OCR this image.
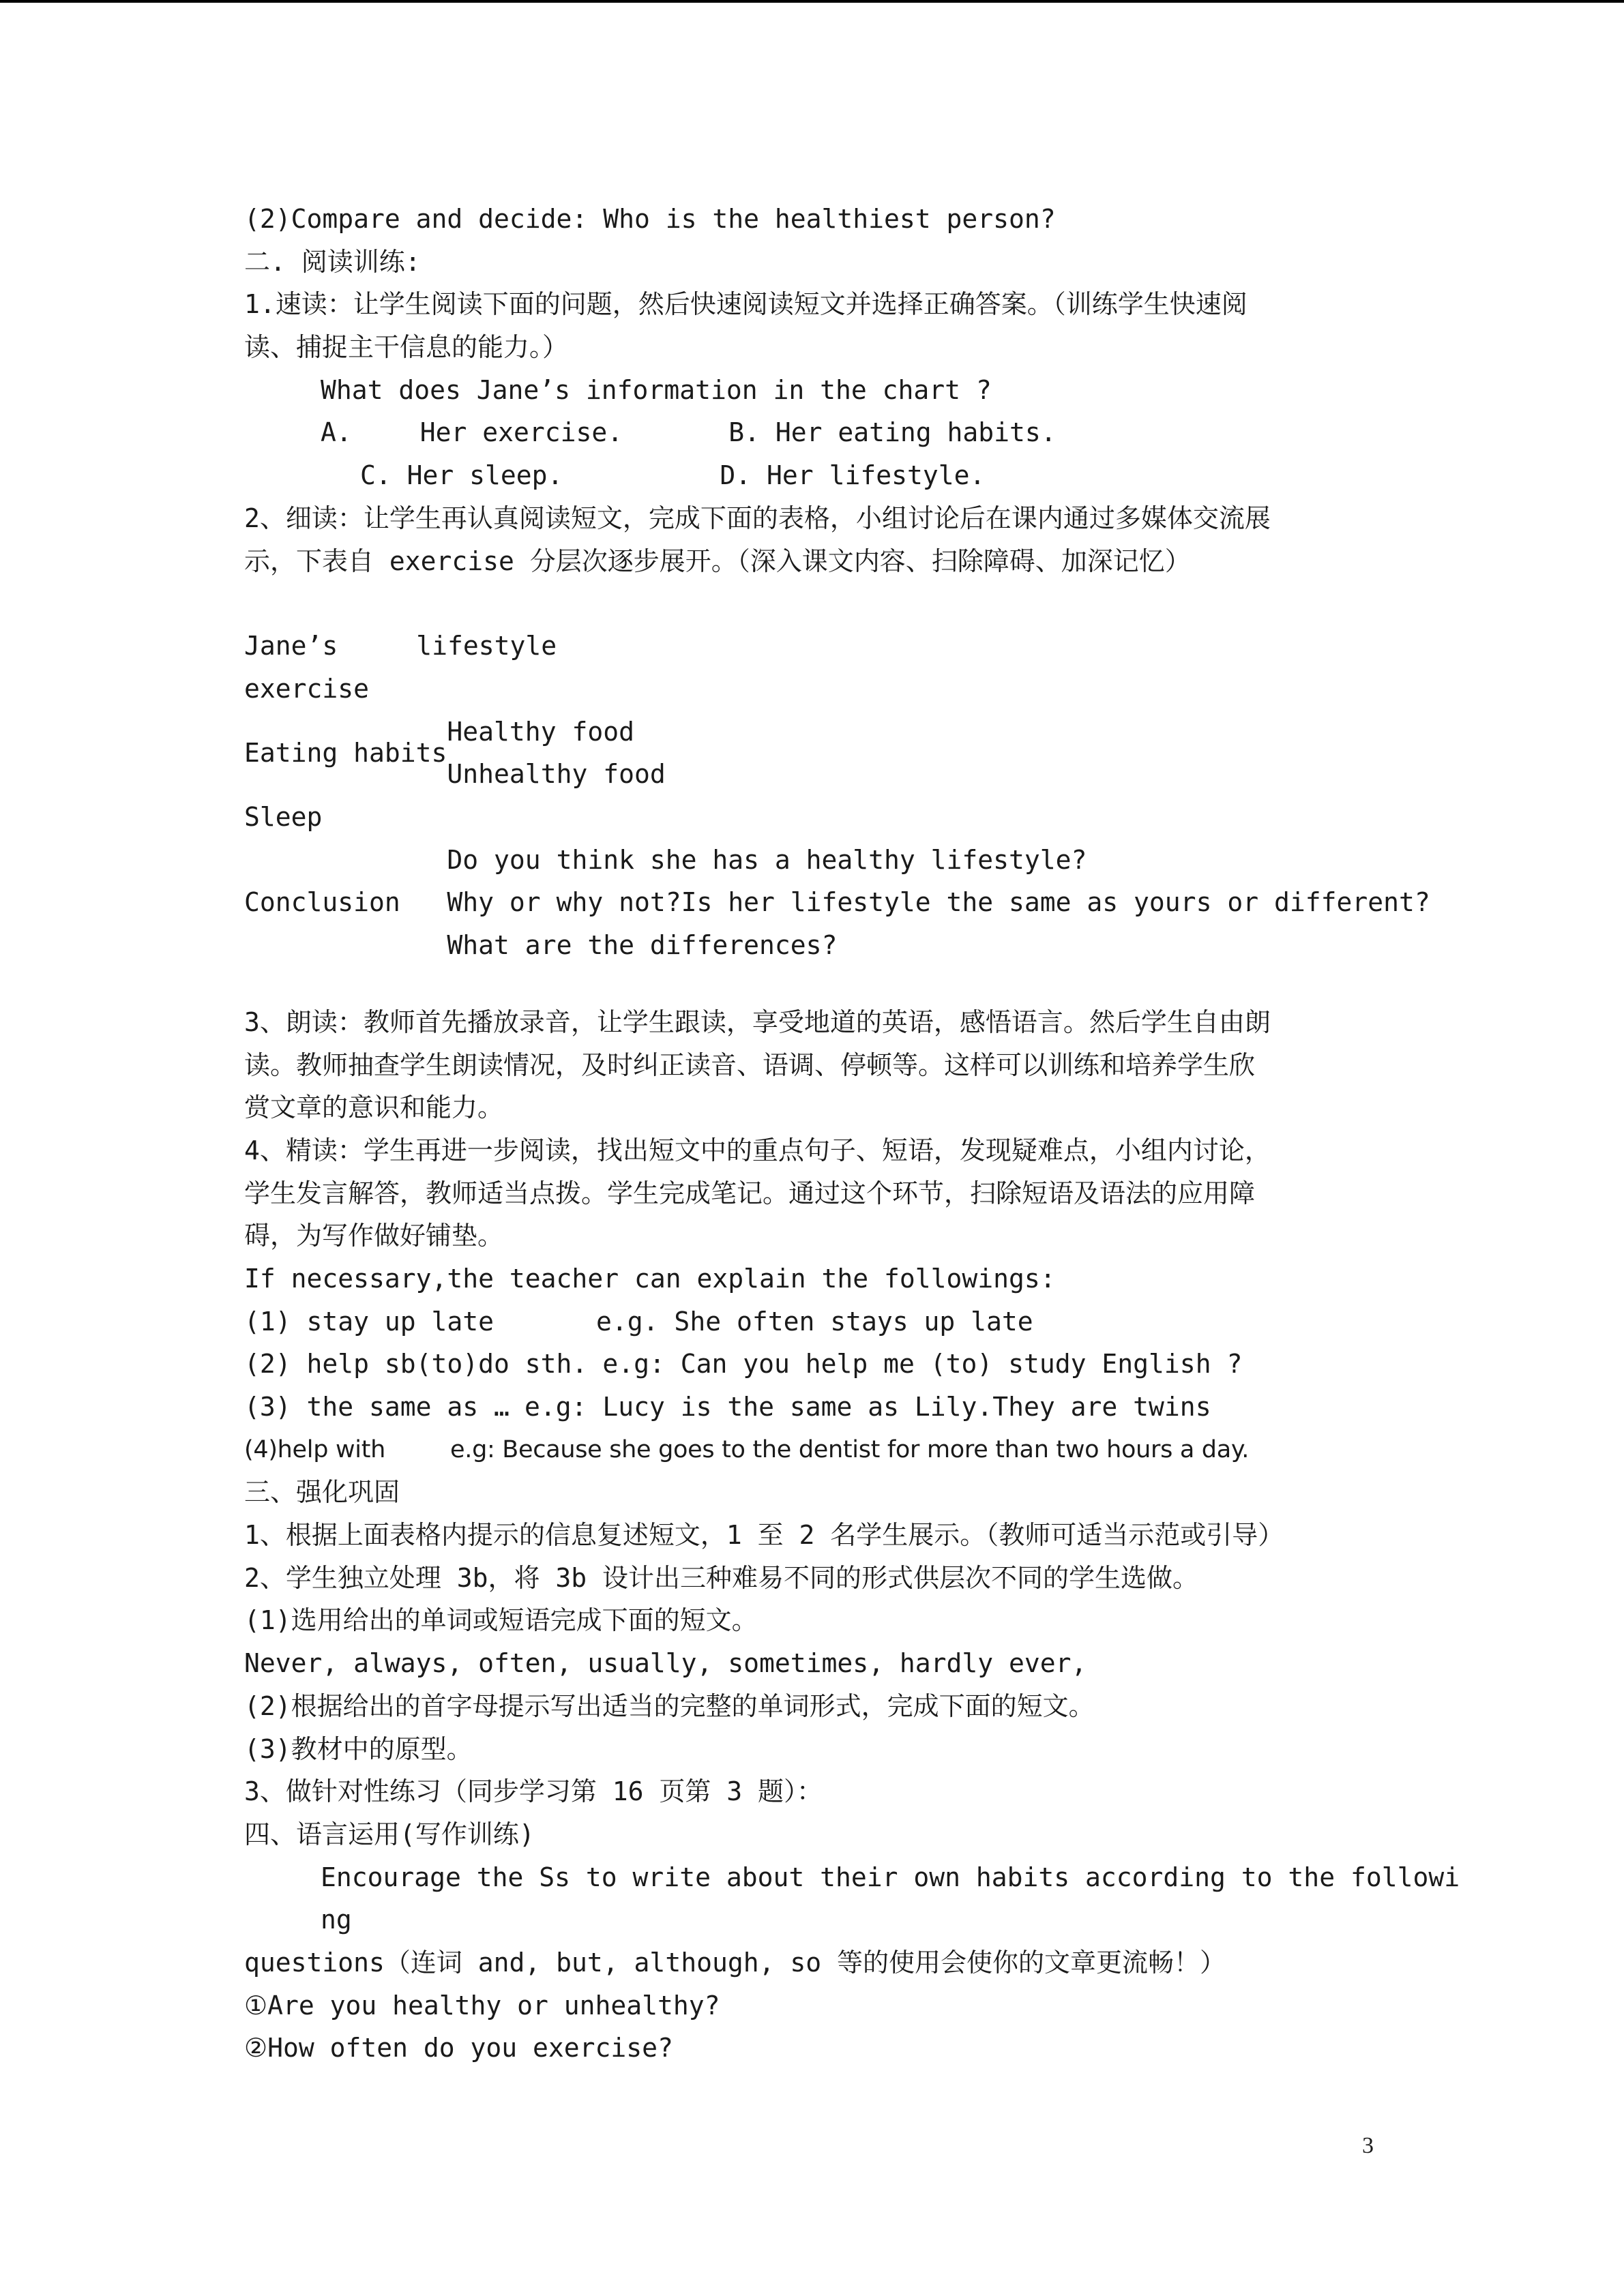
(2)Compare and decide: Who is the healthiest person?
二. 阅读训练:
1.速读：让学生阅读下面的问题，然后快速阅读短文并选择正确答案。（训练学生快速阅
读、捕捉主干信息的能力。）
What does Jane’s information in the chart ?
A.	Her exercise.	B. Her eating habits.
C. Her sleep.	D. Her lifestyle.
2、细读：让学生再认真阅读短文，完成下面的表格，小组讨论后在课内通过多媒体交流展
示，下表自 exercise 分层次逐步展开。（深入课文内容、扫除障碍、加深记忆）
Jane’s lifestyle	
exercise	
Eating habits	Healthy food
Unhealthy food

Sleep	
Conclusion	Do you think she has a healthy lifestyle?
Why or why not?Is her lifestyle the same as yours or different?
What are the differences?
3、朗读：教师首先播放录音，让学生跟读，享受地道的英语，感悟语言。然后学生自由朗
读。教师抽查学生朗读情况，及时纠正读音、语调、停顿等。这样可以训练和培养学生欣
赏文章的意识和能力。
4、精读：学生再进一步阅读，找出短文中的重点句子、短语，发现疑难点，小组内讨论，
学生发言解答，教师适当点拨。学生完成笔记。通过这个环节，扫除短语及语法的应用障
碍，为写作做好铺垫。
If necessary,the teacher can explain the followings:
(1) stay up late	e.g. She often stays up late
(2) help sb(to)do sth. e.g: Can you help me (to) study English ?
(3) the same as … e.g: Lucy is the same as Lily.They are twins
(4)help with	e.g: Because she goes to the dentist for more than two hours a day.
三、强化巩固
1、根据上面表格内提示的信息复述短文，1 至 2 名学生展示。（教师可适当示范或引导）
2、学生独立处理 3b，将 3b 设计出三种难易不同的形式供层次不同的学生选做。
(1)选用给出的单词或短语完成下面的短文。
Never, always, often, usually, sometimes, hardly ever,
(2)根据给出的首字母提示写出适当的完整的单词形式，完成下面的短文。
(3)教材中的原型。
3、做针对性练习（同步学习第 16 页第 3 题）：
四、语言运用(写作训练)
Encourage the Ss to write about their own habits according to the followi
ng
questions（连词 and, but, although, so 等的使用会使你的文章更流畅！）
①Are you healthy or unhealthy?
②How often do you exercise?
3
